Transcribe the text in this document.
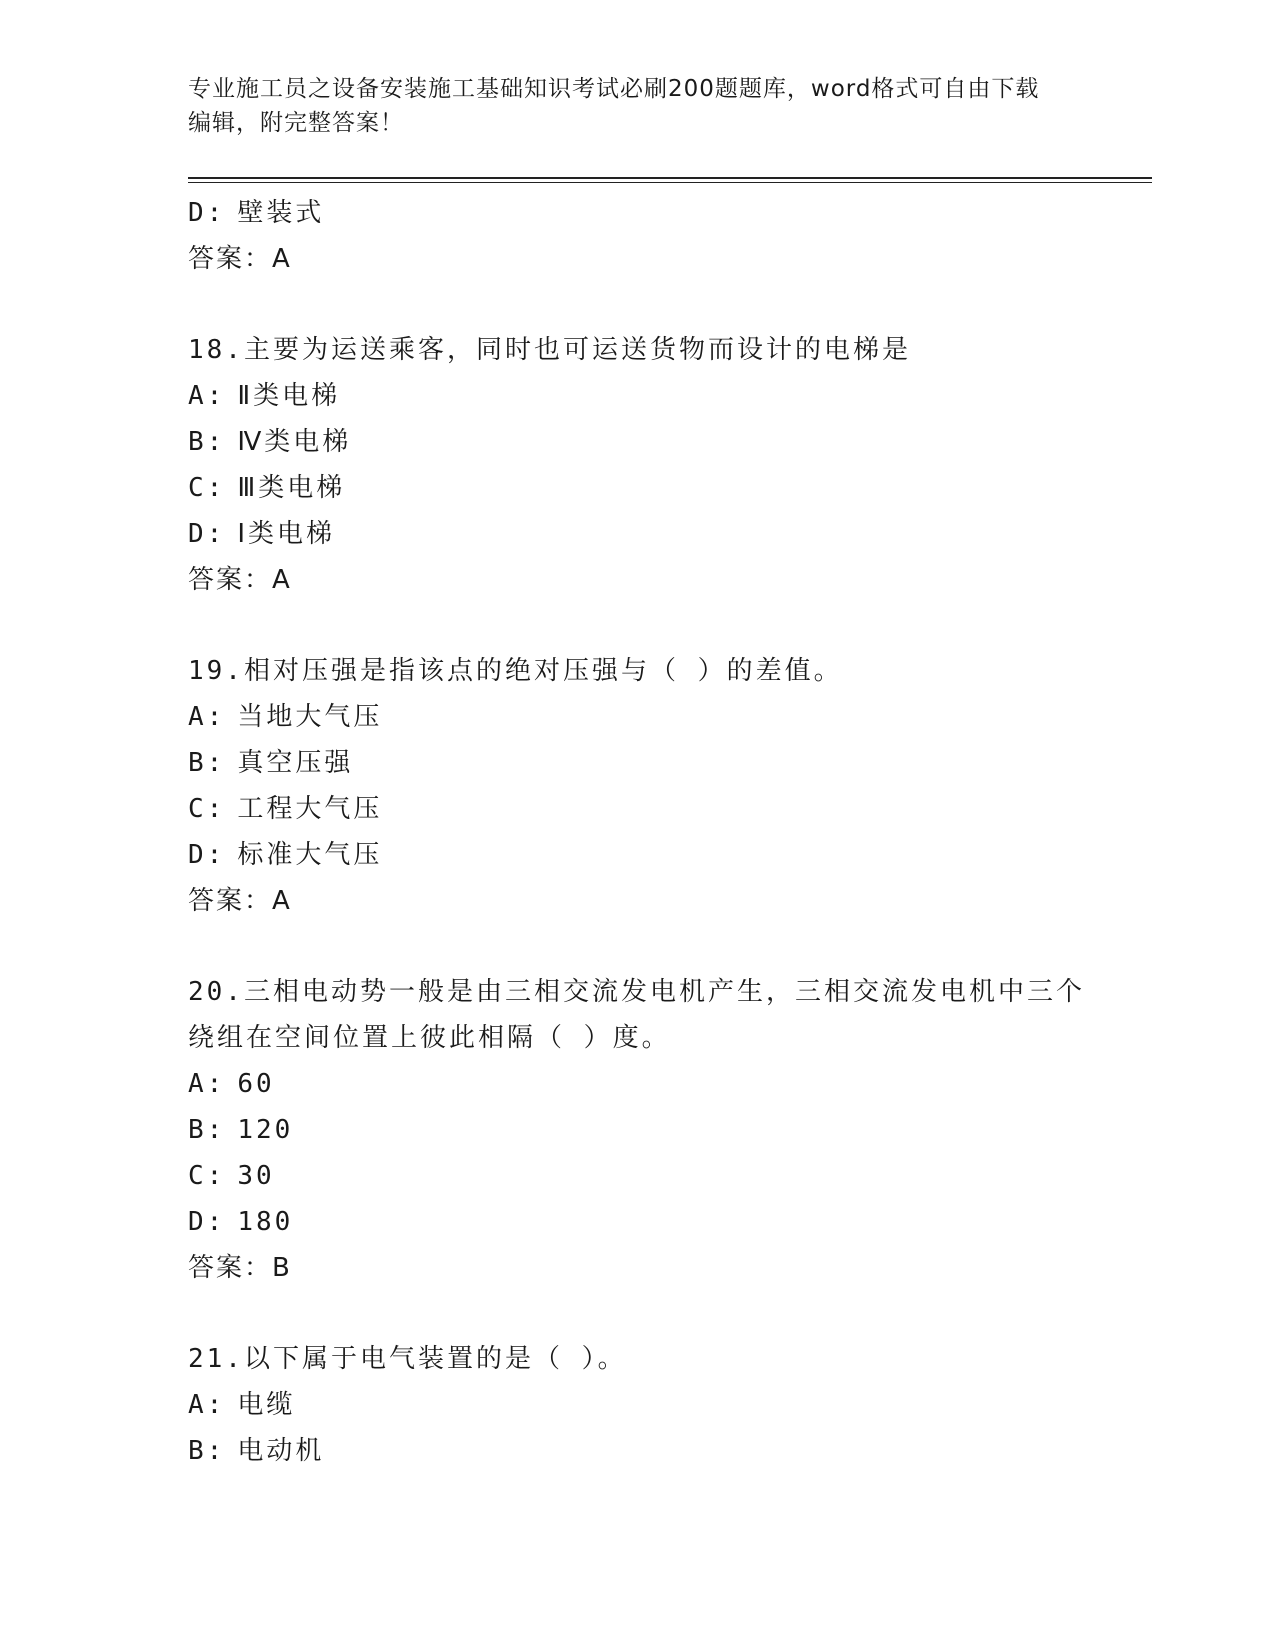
专业施工员之设备安装施工基础知识考试必刷200题题库，word格式可自由下载
编辑，附完整答案！
D: 壁装式
答案：A
18.主要为运送乘客，同时也可运送货物而设计的电梯是
A: Ⅱ类电梯
B: Ⅳ类电梯
C: Ⅲ类电梯
D: Ⅰ类电梯
答案：A
19.相对压强是指该点的绝对压强与（ ）的差值。
A: 当地大气压
B: 真空压强
C: 工程大气压
D: 标准大气压
答案：A
20.三相电动势一般是由三相交流发电机产生，三相交流发电机中三个
绕组在空间位置上彼此相隔（ ）度。
A: 60
B: 120
C: 30
D: 180
答案：B
21.以下属于电气装置的是（ ）。
A: 电缆
B: 电动机
